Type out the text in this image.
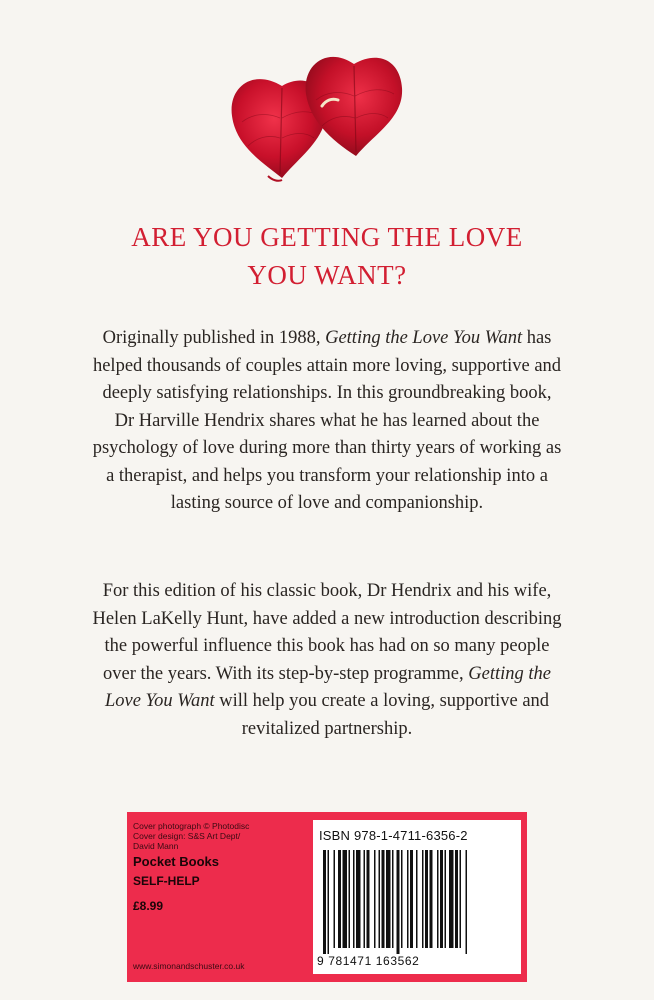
ARE YOU GETTING THE LOVE
YOU WANT?
Originally published in 1988, Getting the Love You Want has
helped thousands of couples attain more loving, supportive and
deeply satisfying relationships. In this groundbreaking book,
Dr Harville Hendrix shares what he has learned about the
psychology of love during more than thirty years of working as
a therapist, and helps you transform your relationship into a
lasting source of love and companionship.
For this edition of his classic book, Dr Hendrix and his wife,
Helen LaKelly Hunt, have added a new introduction describing
the powerful influence this book has had on so many people
over the years. With its step-by-step programme, Getting the
Love You Want will help you create a loving, supportive and
revitalized partnership.
Cover photograph © Photodisc
Cover design: S&S Art Dept/
David Mann
Pocket Books
SELF-HELP
£8.99
www.simonandschuster.co.uk
ISBN 978-1-4711-6356-2
9 781471 163562
